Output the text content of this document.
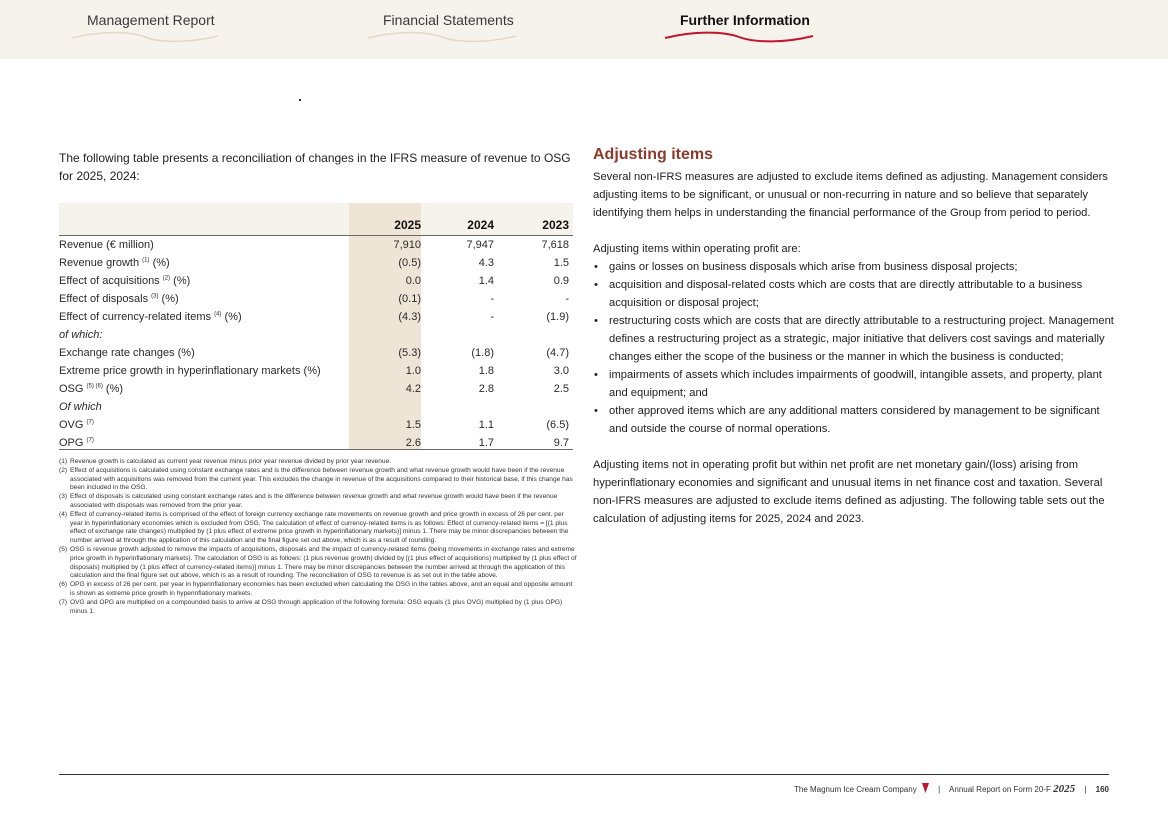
Management Report	Financial Statements	Further Information
The following table presents a reconciliation of changes in the IFRS measure of revenue to OSG for 2025, 2024:
2025	2024	2023
Revenue (€ million)	7,910	7,947	7,618
Revenue growth $^{(1)}$ (%)	(0.5)	4.3	1.5
Effect of acquisitions $^{(2)}$ (%)	0.0	1.4	0.9
Effect of disposals $^{(3)}$ (%)	(0.1)	-	-
Effect of currency-related items $^{(4)}$ (%)	(4.3)	-	(1.9)
of which:
Exchange rate changes (%)	(5.3)	(1.8)	(4.7)
Extreme price growth in hyperinflationary markets (%)	1.0	1.8	3.0
OSG $^{(5) (6)}$ (%)	4.2	2.8	2.5
Of which
OVG $^{(7)}$	1.5	1.1	(6.5)
OPG $^{(7)}$	2.6	1.7	9.7
(1) Revenue growth is calculated as current year revenue minus prior year revenue divided by prior year revenue.
(2) Effect of acquisitions is calculated using constant exchange rates and is the difference between revenue growth and what revenue growth would have been if the revenue associated with acquisitions was removed from the current year. This excludes the change in revenue of the acquisitions compared to their historical base, if this change has been included in the OSG.
(3) Effect of disposals is calculated using constant exchange rates and is the difference between revenue growth and what revenue growth would have been if the revenue associated with disposals was removed from the prior year.
(4) Effect of currency-related items is comprised of the effect of foreign currency exchange rate movements on revenue growth and price growth in excess of 26 per cent. per year in hyperinflationary economies which is excluded from OSG. The calculation of effect of currency-related items is as follows: Effect of currency-related items = [(1 plus effect of exchange rate changes) multiplied by (1 plus effect of extreme price growth in hyperinflationary markets)] minus 1. There may be minor discrepancies between the number arrived at through the application of this calculation and the final figure set out above, which is as a result of rounding.
(5) OSG is revenue growth adjusted to remove the impacts of acquisitions, disposals and the impact of currency-related items (being movements in exchange rates and extreme price growth in hyperinflationary markets). The calculation of OSG is as follows: (1 plus revenue growth) divided by [(1 plus effect of acquisitions) multiplied by (1 plus effect of disposals) multiplied by (1 plus effect of currency-related items)] minus 1. There may be minor discrepancies between the number arrived at through the application of this calculation and the final figure set out above, which is as a result of rounding. The reconciliation of OSG to revenue is as set out in the table above.
(6) OPG in excess of 26 per cent. per year in hyperinflationary economies has been excluded when calculating the OSG in the tables above, and an equal and opposite amount is shown as extreme price growth in hyperinflationary markets.
(7) OVG and OPG are multiplied on a compounded basis to arrive at OSG through application of the following formula: OSG equals (1 plus OVG) multiplied by (1 plus OPG) minus 1.
Adjusting items

Several non-IFRS measures are adjusted to exclude items defined as adjusting. Management considers adjusting items to be significant, or unusual or non-recurring in nature and so believe that separately identifying them helps in understanding the financial performance of the Group from period to period.

Adjusting items within operating profit are:

• gains or losses on business disposals which arise from business disposal projects;
• acquisition and disposal-related costs which are costs that are directly attributable to a business acquisition or disposal project;
• restructuring costs which are costs that are directly attributable to a restructuring project. Management defines a restructuring project as a strategic, major initiative that delivers cost savings and materially changes either the scope of the business or the manner in which the business is conducted;
• impairments of assets which includes impairments of goodwill, intangible assets, and property, plant and equipment; and
• other approved items which are any additional matters considered by management to be significant and outside the course of normal operations.

Adjusting items not in operating profit but within net profit are net monetary gain/(loss) arising from hyperinflationary economies and significant and unusual items in net finance cost and taxation. Several non-IFRS measures are adjusted to exclude items defined as adjusting. The following table sets out the calculation of adjusting items for 2025, 2024 and 2023.

The Magnum Ice Cream Company	| Annual Report on Form 20-F 2025 | 160
